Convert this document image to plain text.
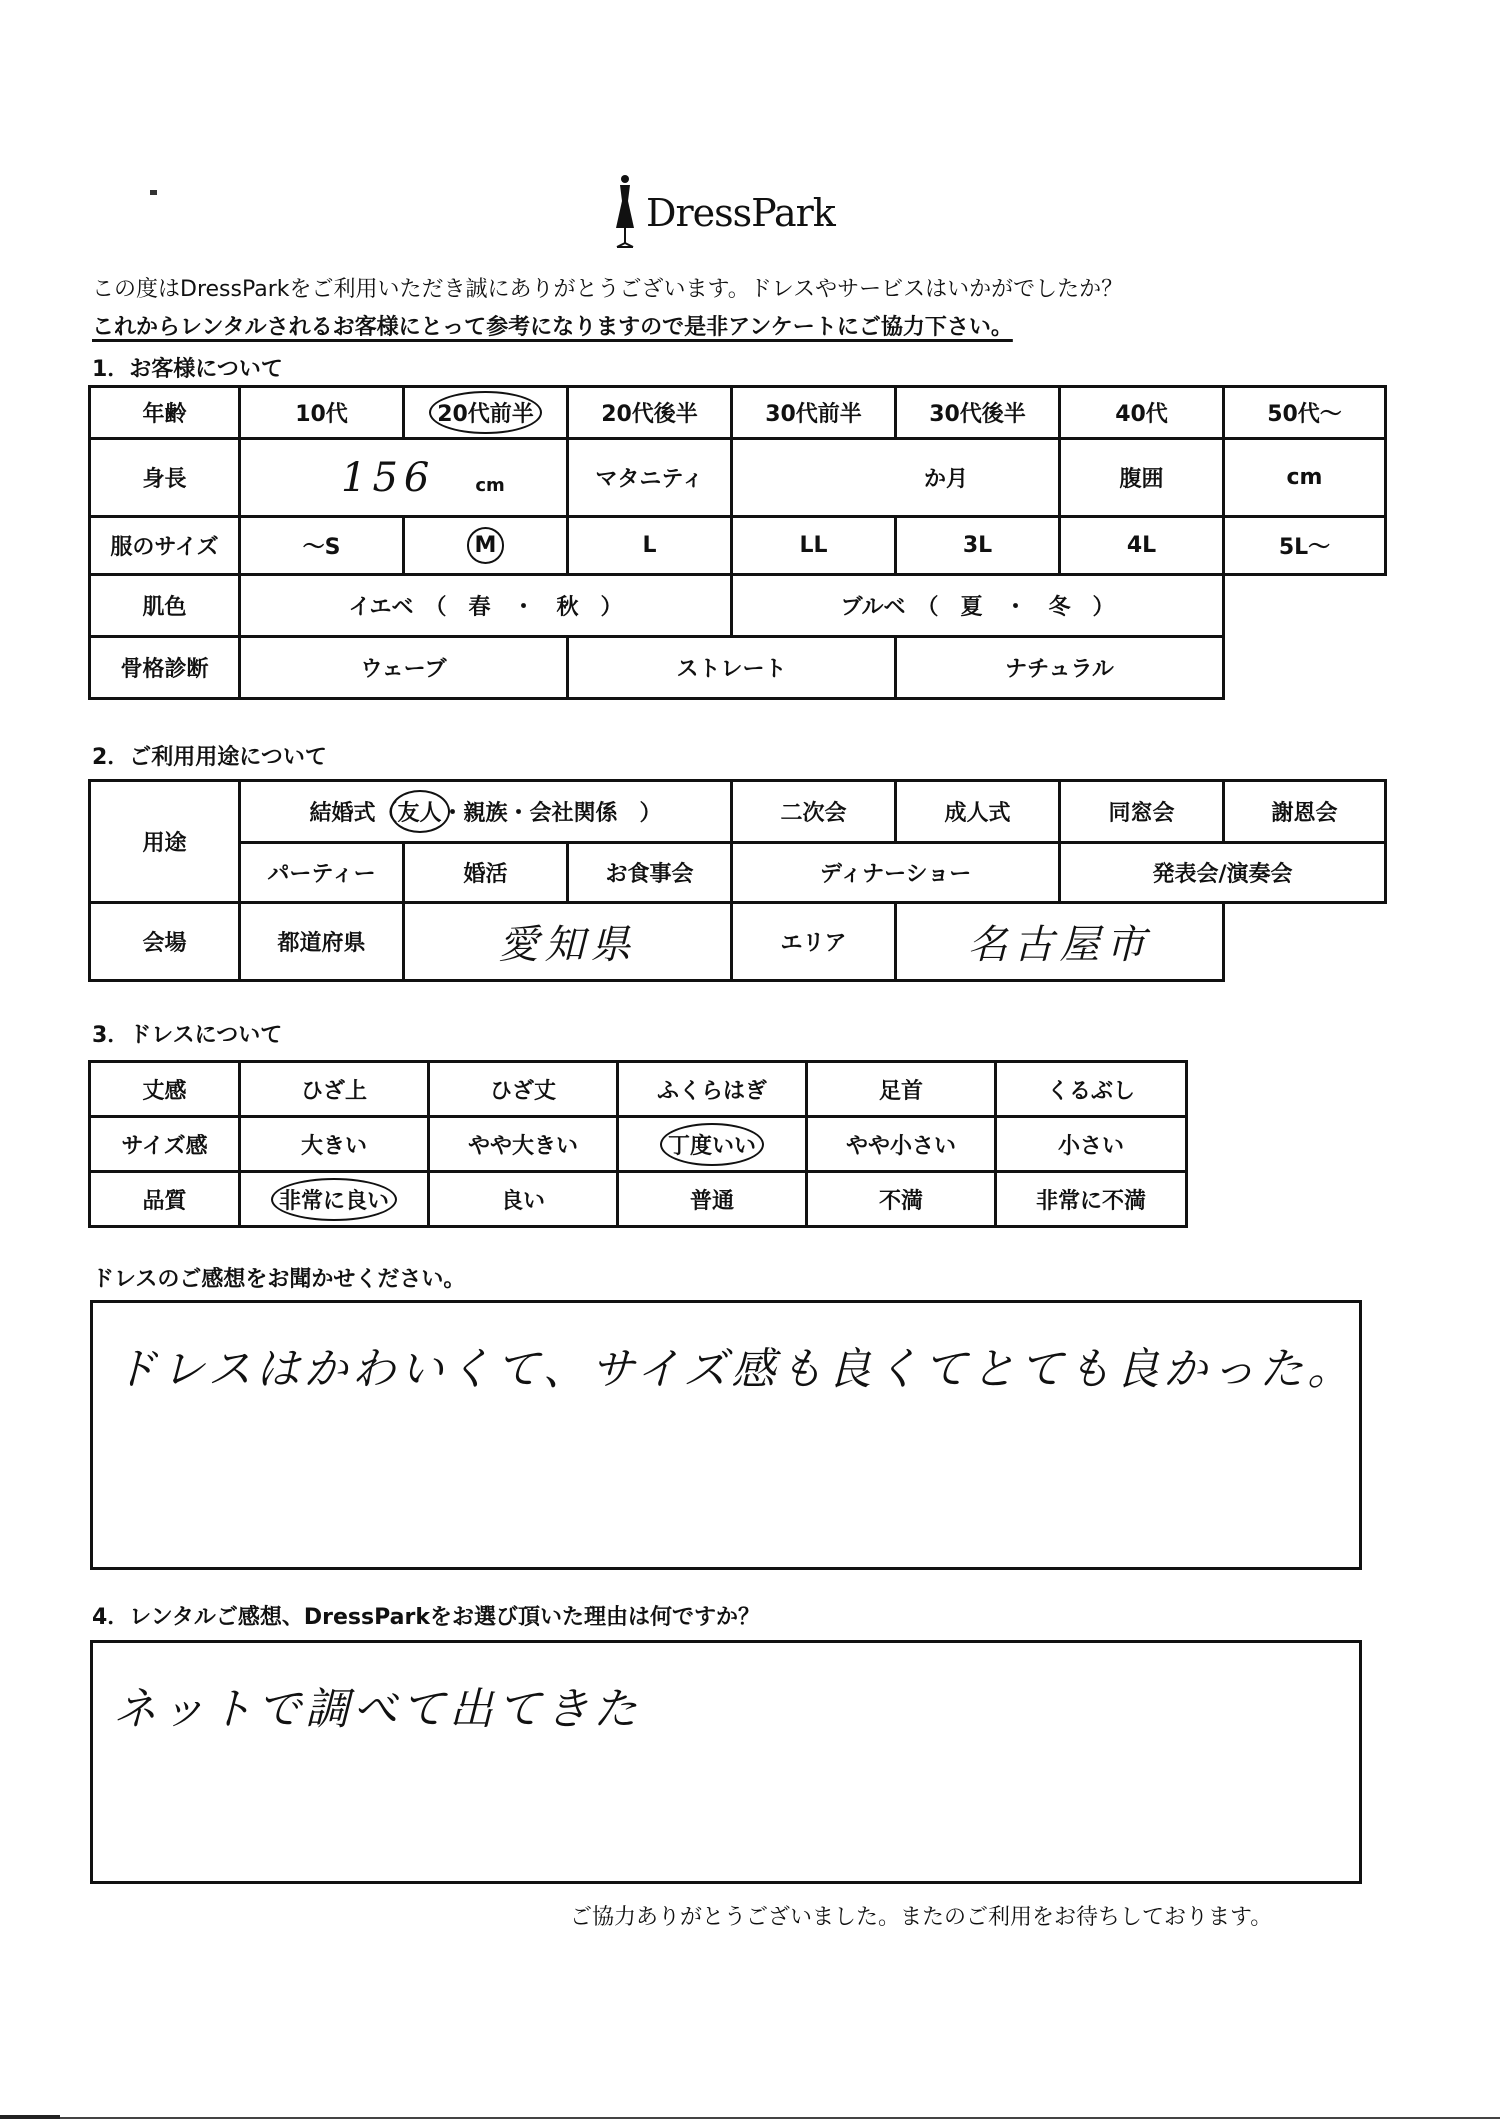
DressPark
この度はDressParkをご利用いただき誠にありがとうございます。ドレスやサービスはいかがでしたか？
これからレンタルされるお客様にとって参考になりますので是非アンケートにご協力下さい。
1．お客様について
年齢	10代	20代前半	20代後半	30代前半	30代後半	40代	50代～
身長	156 cm		マタニティ	か月		腹囲	cm
服のサイズ	～S	M	L	LL	3L	4L	5L～
肌色	イエベ　（　春　・　秋　）			ブルベ　（　夏　・　冬　）			
骨格診断	ウェーブ		ストレート		ナチュラル		
2．ご利用用途について
用途	結婚式（友人・親族・会社関係　）			二次会	成人式	同窓会	謝恩会
	パーティー	婚活	お食事会	ディナーショー		発表会/演奏会	
会場	都道府県	愛知県		エリア	名古屋市		
3．ドレスについて
丈感	ひざ上	ひざ丈	ふくらはぎ	足首	くるぶし
サイズ感	大きい	やや大きい	丁度いい	やや小さい	小さい
品質	非常に良い	良い	普通	不満	非常に不満
ドレスのご感想をお聞かせください。
ドレスはかわいくて、サイズ感も良くてとても良かった。
4．レンタルご感想、DressParkをお選び頂いた理由は何ですか？
ネットで調べて出てきた
ご協力ありがとうございました。またのご利用をお待ちしております。
